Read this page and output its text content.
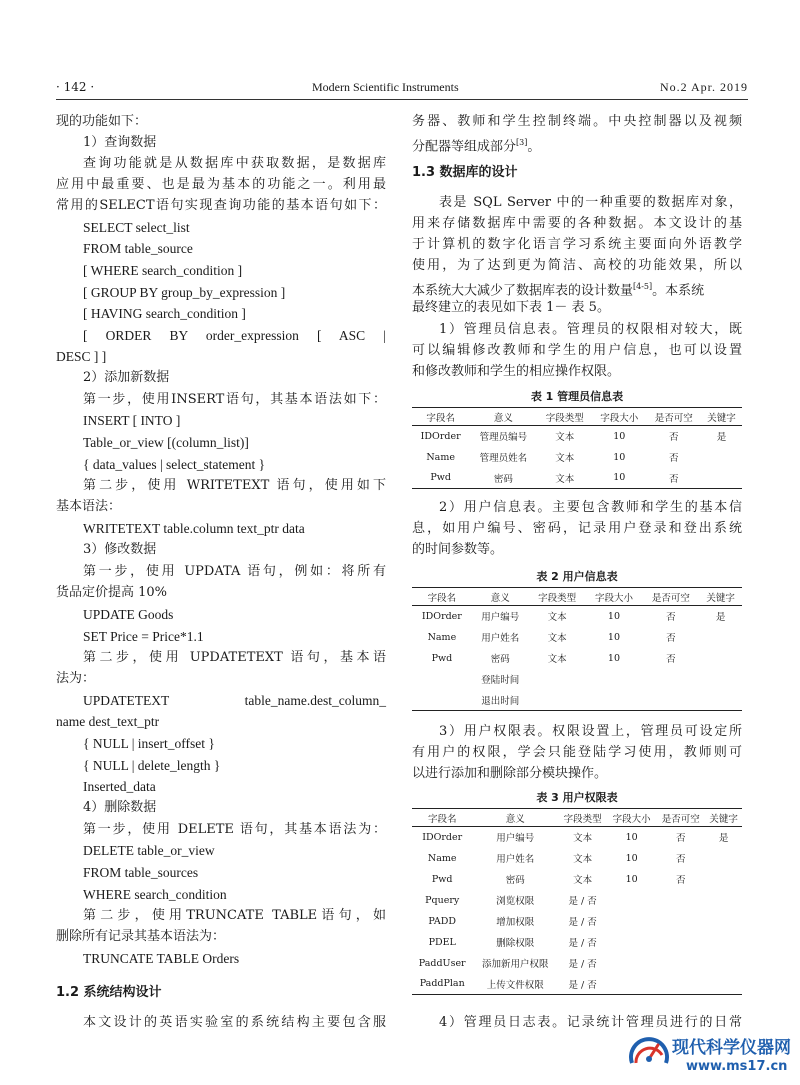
· 142 ·	Modern Scientific Instruments	No.2 Apr. 2019
现的功能如下：
1）查询数据
查询功能就是从数据库中获取数据，是数据库
应用中最重要、也是最为基本的功能之一。利用最
常用的SELECT语句实现查询功能的基本语句如下：
SELECT select_list
FROM table_source
[ WHERE search_condition ]
[ GROUP BY group_by_expression ]
[ HAVING search_condition ]
[ ORDER BY order_expression [ ASC |
DESC ] ]
2）添加新数据
第一步，使用INSERT语句，其基本语法如下：
INSERT [ INTO ]
Table_or_view [(column_list)]
{ data_values | select_statement }
第二步，使用 WRITETEXT 语句，使用如下
基本语法：
WRITETEXT table.column text_ptr data
3）修改数据
第一步，使用 UPDATA 语句，例如：将所有
货品定价提高 10%
UPDATE Goods
SET Price = Price*1.1
第二步，使用 UPDATETEXT 语句，基本语
法为：
UPDATETEXT table_name.dest_column_
name dest_text_ptr
{ NULL | insert_offset }
{ NULL | delete_length }
Inserted_data
4）删除数据
第一步，使用 DELETE 语句，其基本语法为：
DELETE table_or_view
FROM table_sources
WHERE search_condition
第二步，使用TRUNCATE TABLE语句，如
删除所有记录其基本语法为：
TRUNCATE TABLE Orders
1.2 系统结构设计
本文设计的英语实验室的系统结构主要包含服
务器、教师和学生控制终端。中央控制器以及视频
分配器等组成部分[3]。
1.3 数据库的设计
表是 SQL Server 中的一种重要的数据库对象，
用来存储数据库中需要的各种数据。本文设计的基
于计算机的数字化语言学习系统主要面向外语教学
使用，为了达到更为简洁、高校的功能效果，所以
本系统大大减少了数据库表的设计数量[4-5]。本系统
最终建立的表见如下表 1－ 表 5。
1）管理员信息表。管理员的权限相对较大，既
可以编辑修改教师和学生的用户信息，也可以设置
和修改教师和学生的相应操作权限。
表 1 管理员信息表
字段名	意义	字段类型	字段大小	是否可空	关键字
IDOrder	管理员编号	文本	10	否	是
Name	管理员姓名	文本	10	否	
Pwd	密码	文本	10	否	
2）用户信息表。主要包含教师和学生的基本信
息，如用户编号、密码，记录用户登录和登出系统
的时间参数等。
表 2 用户信息表
字段名	意义	字段类型	字段大小	是否可空	关键字
IDOrder	用户编号	文本	10	否	是
Name	用户姓名	文本	10	否	
Pwd	密码	文本	10	否	
	登陆时间				
	退出时间				
3）用户权限表。权限设置上，管理员可设定所
有用户的权限，学会只能登陆学习使用，教师则可
以进行添加和删除部分模块操作。
表 3 用户权限表
字段名	意义	字段类型	字段大小	是否可空	关键字
IDOrder	用户编号	文本	10	否	是
Name	用户姓名	文本	10	否	
Pwd	密码	文本	10	否	
Pquery	浏览权限	是 / 否			
PADD	增加权限	是 / 否			
PDEL	删除权限	是 / 否			
PaddUser	添加新用户权限	是 / 否			
PaddPlan	上传文件权限	是 / 否			
4）管理员日志表。记录统计管理员进行的日常
现代科学仪器网
www.ms17.cn
